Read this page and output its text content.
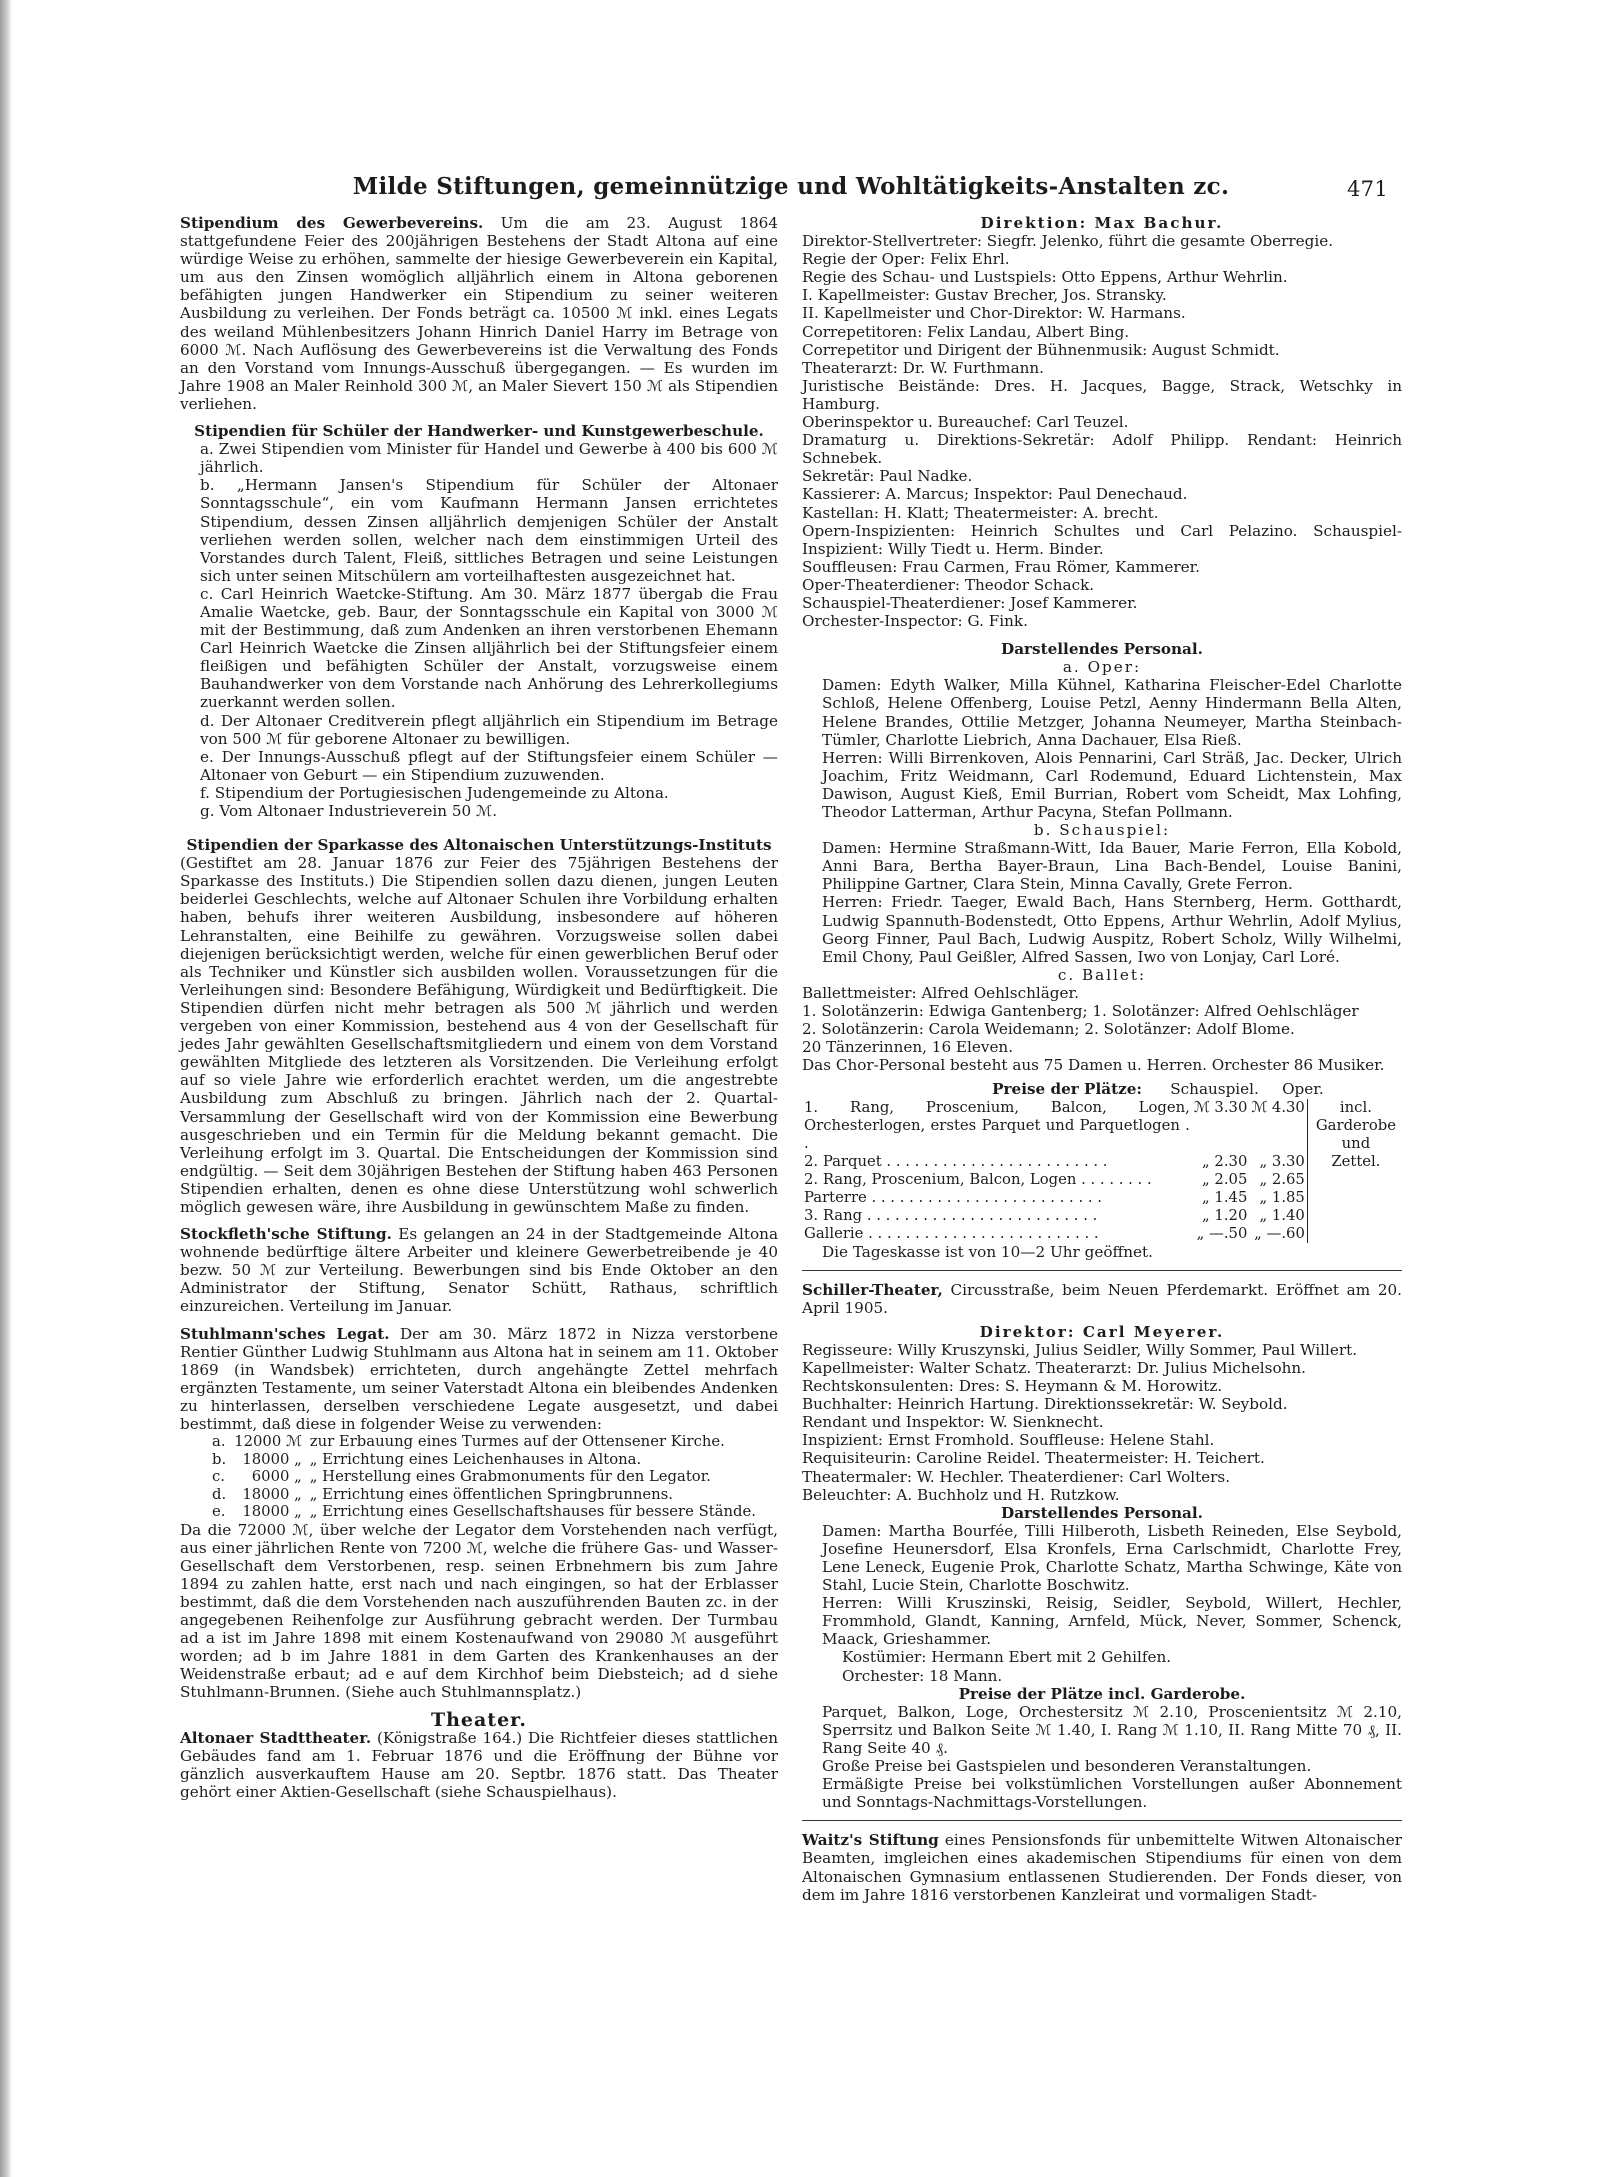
Milde Stiftungen, gemeinnützige und Wohltätigkeits-Anstalten zc.	471

Stipendium des Gewerbevereins. Um die am 23. August 1864 stattgefundene Feier des 200jährigen Bestehens der Stadt Altona auf eine würdige Weise zu erhöhen, sammelte der hiesige Gewerbeverein ein Kapital, um aus den Zinsen womöglich alljährlich einem in Altona geborenen befähigten jungen Handwerker ein Stipendium zu seiner weiteren Ausbildung zu verleihen. Der Fonds beträgt ca. 10500 ℳ inkl. eines Legats des weiland Mühlenbesitzers Johann Hinrich Daniel Harry im Betrage von 6000 ℳ. Nach Auflösung des Gewerbevereins ist die Verwaltung des Fonds an den Vorstand vom Innungs-Ausschuß übergegangen. — Es wurden im Jahre 1908 an Maler Reinhold 300 ℳ, an Maler Sievert 150 ℳ als Stipendien verliehen.

Stipendien für Schüler der Handwerker- und Kunstgewerbeschule.

a. Zwei Stipendien vom Minister für Handel und Gewerbe à 400 bis 600 ℳ jährlich.

b. „Hermann Jansen's Stipendium für Schüler der Altonaer Sonntagsschule“, ein vom Kaufmann Hermann Jansen errichtetes Stipendium, dessen Zinsen alljährlich demjenigen Schüler der Anstalt verliehen werden sollen, welcher nach dem einstimmigen Urteil des Vorstandes durch Talent, Fleiß, sittliches Betragen und seine Leistungen sich unter seinen Mitschülern am vorteilhaftesten ausgezeichnet hat.

c. Carl Heinrich Waetcke-Stiftung. Am 30. März 1877 übergab die Frau Amalie Waetcke, geb. Baur, der Sonntagsschule ein Kapital von 3000 ℳ mit der Bestimmung, daß zum Andenken an ihren verstorbenen Ehemann Carl Heinrich Waetcke die Zinsen alljährlich bei der Stiftungsfeier einem fleißigen und befähigten Schüler der Anstalt, vorzugsweise einem Bauhandwerker von dem Vorstande nach Anhörung des Lehrerkollegiums zuerkannt werden sollen.

d. Der Altonaer Creditverein pflegt alljährlich ein Stipendium im Betrage von 500 ℳ für geborene Altonaer zu bewilligen.

e. Der Innungs-Ausschuß pflegt auf der Stiftungsfeier einem Schüler — Altonaer von Geburt — ein Stipendium zuzuwenden.

f. Stipendium der Portugiesischen Judengemeinde zu Altona.

g. Vom Altonaer Industrieverein 50 ℳ.

Stipendien der Sparkasse des Altonaischen Unterstützungs-Instituts

(Gestiftet am 28. Januar 1876 zur Feier des 75jährigen Bestehens der Sparkasse des Instituts.) Die Stipendien sollen dazu dienen, jungen Leuten beiderlei Geschlechts, welche auf Altonaer Schulen ihre Vorbildung erhalten haben, behufs ihrer weiteren Ausbildung, insbesondere auf höheren Lehranstalten, eine Beihilfe zu gewähren. Vorzugsweise sollen dabei diejenigen berücksichtigt werden, welche für einen gewerblichen Beruf oder als Techniker und Künstler sich ausbilden wollen. Voraussetzungen für die Verleihungen sind: Besondere Befähigung, Würdigkeit und Bedürftigkeit. Die Stipendien dürfen nicht mehr betragen als 500 ℳ jährlich und werden vergeben von einer Kommission, bestehend aus 4 von der Gesellschaft für jedes Jahr gewählten Gesellschaftsmitgliedern und einem von dem Vorstand gewählten Mitgliede des letzteren als Vorsitzenden. Die Verleihung erfolgt auf so viele Jahre wie erforderlich erachtet werden, um die angestrebte Ausbildung zum Abschluß zu bringen. Jährlich nach der 2. Quartal-Versammlung der Gesellschaft wird von der Kommission eine Bewerbung ausgeschrieben und ein Termin für die Meldung bekannt gemacht. Die Verleihung erfolgt im 3. Quartal. Die Entscheidungen der Kommission sind endgültig. — Seit dem 30jährigen Bestehen der Stiftung haben 463 Personen Stipendien erhalten, denen es ohne diese Unterstützung wohl schwerlich möglich gewesen wäre, ihre Ausbildung in gewünschtem Maße zu finden.

Stockfleth'sche Stiftung. Es gelangen an 24 in der Stadtgemeinde Altona wohnende bedürftige ältere Arbeiter und kleinere Gewerbetreibende je 40 bezw. 50 ℳ zur Verteilung. Bewerbungen sind bis Ende Oktober an den Administrator der Stiftung, Senator Schütt, Rathaus, schriftlich einzureichen. Verteilung im Januar.

Stuhlmann'sches Legat. Der am 30. März 1872 in Nizza verstorbene Rentier Günther Ludwig Stuhlmann aus Altona hat in seinem am 11. Oktober 1869 (in Wandsbek) errichteten, durch angehängte Zettel mehrfach ergänzten Testamente, um seiner Vaterstadt Altona ein bleibendes Andenken zu hinterlassen, derselben verschiedene Legate ausgesetzt, und dabei bestimmt, daß diese in folgender Weise zu verwenden:

a.	12000 ℳ	zur Erbauung eines Turmes auf der Ottensener Kirche.
b.	18000 „	„ Errichtung eines Leichenhauses in Altona.
c.	6000 „	„ Herstellung eines Grabmonuments für den Legator.
d.	18000 „	„ Errichtung eines öffentlichen Springbrunnens.
e.	18000 „	„ Errichtung eines Gesellschaftshauses für bessere Stände.

Da die 72000 ℳ, über welche der Legator dem Vorstehenden nach verfügt, aus einer jährlichen Rente von 7200 ℳ, welche die frühere Gas- und Wasser-Gesellschaft dem Verstorbenen, resp. seinen Erbnehmern bis zum Jahre 1894 zu zahlen hatte, erst nach und nach eingingen, so hat der Erblasser bestimmt, daß die dem Vorstehenden nach auszuführenden Bauten zc. in der angegebenen Reihenfolge zur Ausführung gebracht werden. Der Turmbau ad a ist im Jahre 1898 mit einem Kostenaufwand von 29080 ℳ ausgeführt worden; ad b im Jahre 1881 in dem Garten des Krankenhauses an der Weidenstraße erbaut; ad e auf dem Kirchhof beim Diebsteich; ad d siehe Stuhlmann-Brunnen. (Siehe auch Stuhlmannsplatz.)

Theater.

Altonaer Stadttheater. (Königstraße 164.) Die Richtfeier dieses stattlichen Gebäudes fand am 1. Februar 1876 und die Eröffnung der Bühne vor gänzlich ausverkauftem Hause am 20. Septbr. 1876 statt. Das Theater gehört einer Aktien-Gesellschaft (siehe Schauspielhaus).

Direktion: Max Bachur.

Direktor-Stellvertreter: Siegfr. Jelenko, führt die gesamte Oberregie.

Regie der Oper: Felix Ehrl.

Regie des Schau- und Lustspiels: Otto Eppens, Arthur Wehrlin.

I. Kapellmeister: Gustav Brecher, Jos. Stransky.

II. Kapellmeister und Chor-Direktor: W. Harmans.

Correpetitoren: Felix Landau, Albert Bing.

Correpetitor und Dirigent der Bühnenmusik: August Schmidt.

Theaterarzt: Dr. W. Furthmann.

Juristische Beistände: Dres. H. Jacques, Bagge, Strack, Wetschky in Hamburg.

Oberinspektor u. Bureauchef: Carl Teuzel.

Dramaturg u. Direktions-Sekretär: Adolf Philipp. Rendant: Heinrich Schnebek.

Sekretär: Paul Nadke.

Kassierer: A. Marcus; Inspektor: Paul Denechaud.

Kastellan: H. Klatt; Theatermeister: A. brecht.

Opern-Inspizienten: Heinrich Schultes und Carl Pelazino. Schauspiel-Inspizient: Willy Tiedt u. Herm. Binder.

Souffleusen: Frau Carmen, Frau Römer, Kammerer.

Oper-Theaterdiener: Theodor Schack.

Schauspiel-Theaterdiener: Josef Kammerer.

Orchester-Inspector: G. Fink.

Darstellendes Personal.

a. Oper:

Damen: Edyth Walker, Milla Kühnel, Katharina Fleischer-Edel Charlotte Schloß, Helene Offenberg, Louise Petzl, Aenny Hindermann Bella Alten, Helene Brandes, Ottilie Metzger, Johanna Neumeyer, Martha Steinbach-Tümler, Charlotte Liebrich, Anna Dachauer, Elsa Rieß.

Herren: Willi Birrenkoven, Alois Pennarini, Carl Sträß, Jac. Decker, Ulrich Joachim, Fritz Weidmann, Carl Rodemund, Eduard Lichtenstein, Max Dawison, August Kieß, Emil Burrian, Robert vom Scheidt, Max Lohfing, Theodor Latterman, Arthur Pacyna, Stefan Pollmann.

b. Schauspiel:

Damen: Hermine Straßmann-Witt, Ida Bauer, Marie Ferron, Ella Kobold, Anni Bara, Bertha Bayer-Braun, Lina Bach-Bendel, Louise Banini, Philippine Gartner, Clara Stein, Minna Cavally, Grete Ferron.

Herren: Friedr. Taeger, Ewald Bach, Hans Sternberg, Herm. Gotthardt, Ludwig Spannuth-Bodenstedt, Otto Eppens, Arthur Wehrlin, Adolf Mylius, Georg Finner, Paul Bach, Ludwig Auspitz, Robert Scholz, Willy Wilhelmi, Emil Chony, Paul Geißler, Alfred Sassen, Iwo von Lonjay, Carl Loré.

c. Ballet:

Ballettmeister: Alfred Oehlschläger.

1. Solotänzerin: Edwiga Gantenberg; 1. Solotänzer: Alfred Oehlschläger

2. Solotänzerin: Carola Weidemann; 2. Solotänzer: Adolf Blome.

20 Tänzerinnen, 16 Eleven.

Das Chor-Personal besteht aus 75 Damen u. Herren. Orchester 86 Musiker.

Preise der Plätze: Schauspiel. Oper.

1. Rang, Proscenium, Balcon, Logen, Orchesterlogen, erstes Parquet und Parquetlogen . .	ℳ 3.30	ℳ 4.30	incl. Garderobe und Zettel.
2. Parquet . . . . . . . . . . . . . . . . . . . . . . . .	„ 2.30	„ 3.30	
2. Rang, Proscenium, Balcon, Logen . . . . . . . .	„ 2.05	„ 2.65	
Parterre . . . . . . . . . . . . . . . . . . . . . . . . .	„ 1.45	„ 1.85	
3. Rang . . . . . . . . . . . . . . . . . . . . . . . . .	„ 1.20	„ 1.40	
Gallerie . . . . . . . . . . . . . . . . . . . . . . . . .	„ —.50	„ —.60	

Die Tageskasse ist von 10—2 Uhr geöffnet.

Schiller-Theater, Circusstraße, beim Neuen Pferdemarkt. Eröffnet am 20. April 1905.

Direktor: Carl Meyerer.

Regisseure: Willy Kruszynski, Julius Seidler, Willy Sommer, Paul Willert.

Kapellmeister: Walter Schatz. Theaterarzt: Dr. Julius Michelsohn.

Rechtskonsulenten: Dres: S. Heymann & M. Horowitz.

Buchhalter: Heinrich Hartung. Direktionssekretär: W. Seybold.

Rendant und Inspektor: W. Sienknecht.

Inspizient: Ernst Fromhold. Souffleuse: Helene Stahl.

Requisiteurin: Caroline Reidel. Theatermeister: H. Teichert.

Theatermaler: W. Hechler. Theaterdiener: Carl Wolters.

Beleuchter: A. Buchholz und H. Rutzkow.

Darstellendes Personal.

Damen: Martha Bourfée, Tilli Hilberoth, Lisbeth Reineden, Else Seybold, Josefine Heunersdorf, Elsa Kronfels, Erna Carlschmidt, Charlotte Frey, Lene Leneck, Eugenie Prok, Charlotte Schatz, Martha Schwinge, Käte von Stahl, Lucie Stein, Charlotte Boschwitz.

Herren: Willi Kruszinski, Reisig, Seidler, Seybold, Willert, Hechler, Frommhold, Glandt, Kanning, Arnfeld, Mück, Never, Sommer, Schenck, Maack, Grieshammer.

Kostümier: Hermann Ebert mit 2 Gehilfen.

Orchester: 18 Mann.

Preise der Plätze incl. Garderobe.

Parquet, Balkon, Loge, Orchestersitz ℳ 2.10, Proscenientsitz ℳ 2.10, Sperrsitz und Balkon Seite ℳ 1.40, I. Rang ℳ 1.10, II. Rang Mitte 70 ₰, II. Rang Seite 40 ₰.

Große Preise bei Gastspielen und besonderen Veranstaltungen.

Ermäßigte Preise bei volkstümlichen Vorstellungen außer Abonnement und Sonntags-Nachmittags-Vorstellungen.

Waitz's Stiftung eines Pensionsfonds für unbemittelte Witwen Altonaischer Beamten, imgleichen eines akademischen Stipendiums für einen von dem Altonaischen Gymnasium entlassenen Studierenden. Der Fonds dieser, von dem im Jahre 1816 verstorbenen Kanzleirat und vormaligen Stadt-
